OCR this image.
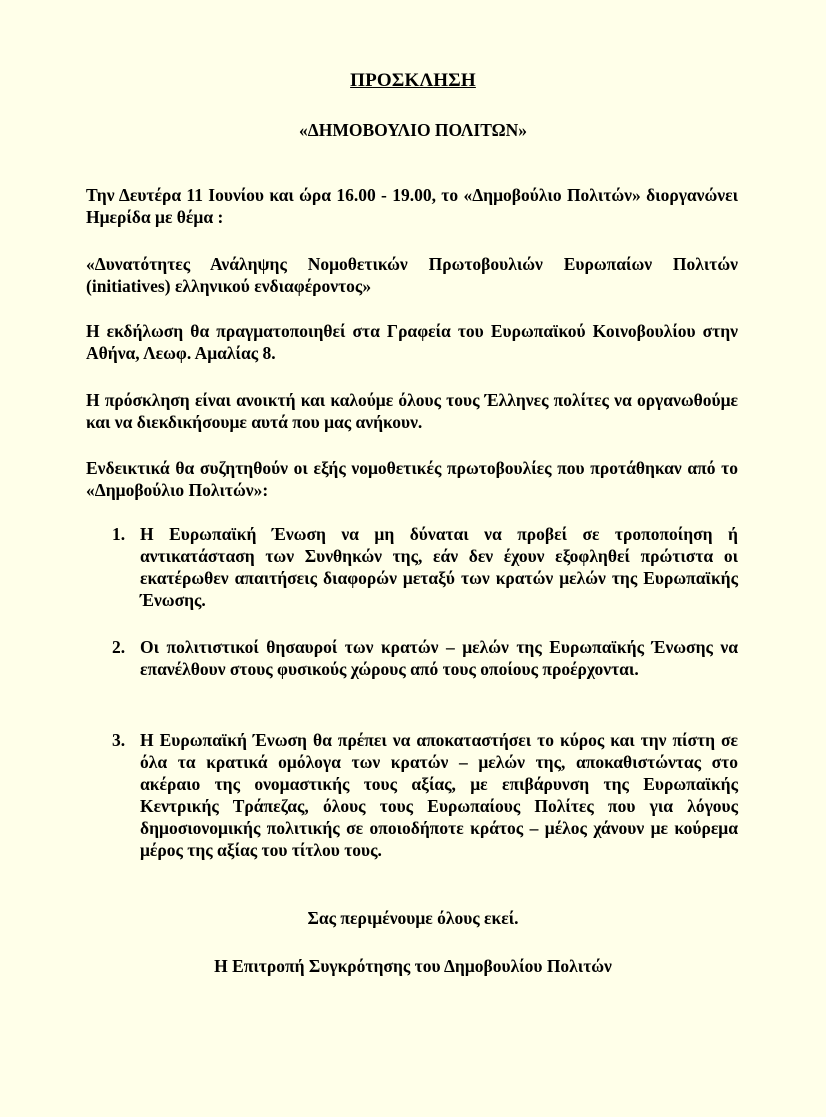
ΠΡΟΣΚΛΗΣΗ
«ΔΗΜΟΒΟΥΛΙΟ ΠΟΛΙΤΩΝ»
Την Δευτέρα 11 Ιουνίου και ώρα 16.00 - 19.00, το «Δημοβούλιο Πολιτών» διοργανώνει Ημερίδα με θέμα :
«Δυνατότητες Ανάληψης Νομοθετικών Πρωτοβουλιών Ευρωπαίων Πολιτών (initiatives) ελληνικού ενδιαφέροντος»
Η εκδήλωση θα πραγματοποιηθεί στα Γραφεία του Ευρωπαϊκού Κοινοβουλίου στην Αθήνα, Λεωφ. Αμαλίας 8.
Η πρόσκληση είναι ανοικτή και καλούμε όλους τους Έλληνες πολίτες να οργανωθούμε και να διεκδικήσουμε αυτά που μας ανήκουν.
Ενδεικτικά θα συζητηθούν οι εξής νομοθετικές πρωτοβουλίες που προτάθηκαν από το «Δημοβούλιο Πολιτών»:
1. Η Ευρωπαϊκή Ένωση να μη δύναται να προβεί σε τροποποίηση ή αντικατάσταση των Συνθηκών της, εάν δεν έχουν εξοφληθεί πρώτιστα οι εκατέρωθεν απαιτήσεις διαφορών μεταξύ των κρατών μελών της Ευρωπαϊκής Ένωσης.
2. Οι πολιτιστικοί θησαυροί των κρατών – μελών της Ευρωπαϊκής Ένωσης να επανέλθουν στους φυσικούς χώρους από τους οποίους προέρχονται.
3. Η Ευρωπαϊκή Ένωση θα πρέπει να αποκαταστήσει το κύρος και την πίστη σε όλα τα κρατικά ομόλογα των κρατών – μελών της, αποκαθιστώντας στο ακέραιο της ονομαστικής τους αξίας, με επιβάρυνση της Ευρωπαϊκής Κεντρικής Τράπεζας, όλους τους Ευρωπαίους Πολίτες που για λόγους δημοσιονομικής πολιτικής σε οποιοδήποτε κράτος – μέλος χάνουν με κούρεμα μέρος της αξίας του τίτλου τους.
Σας περιμένουμε όλους εκεί.
Η Επιτροπή Συγκρότησης του Δημοβουλίου Πολιτών
